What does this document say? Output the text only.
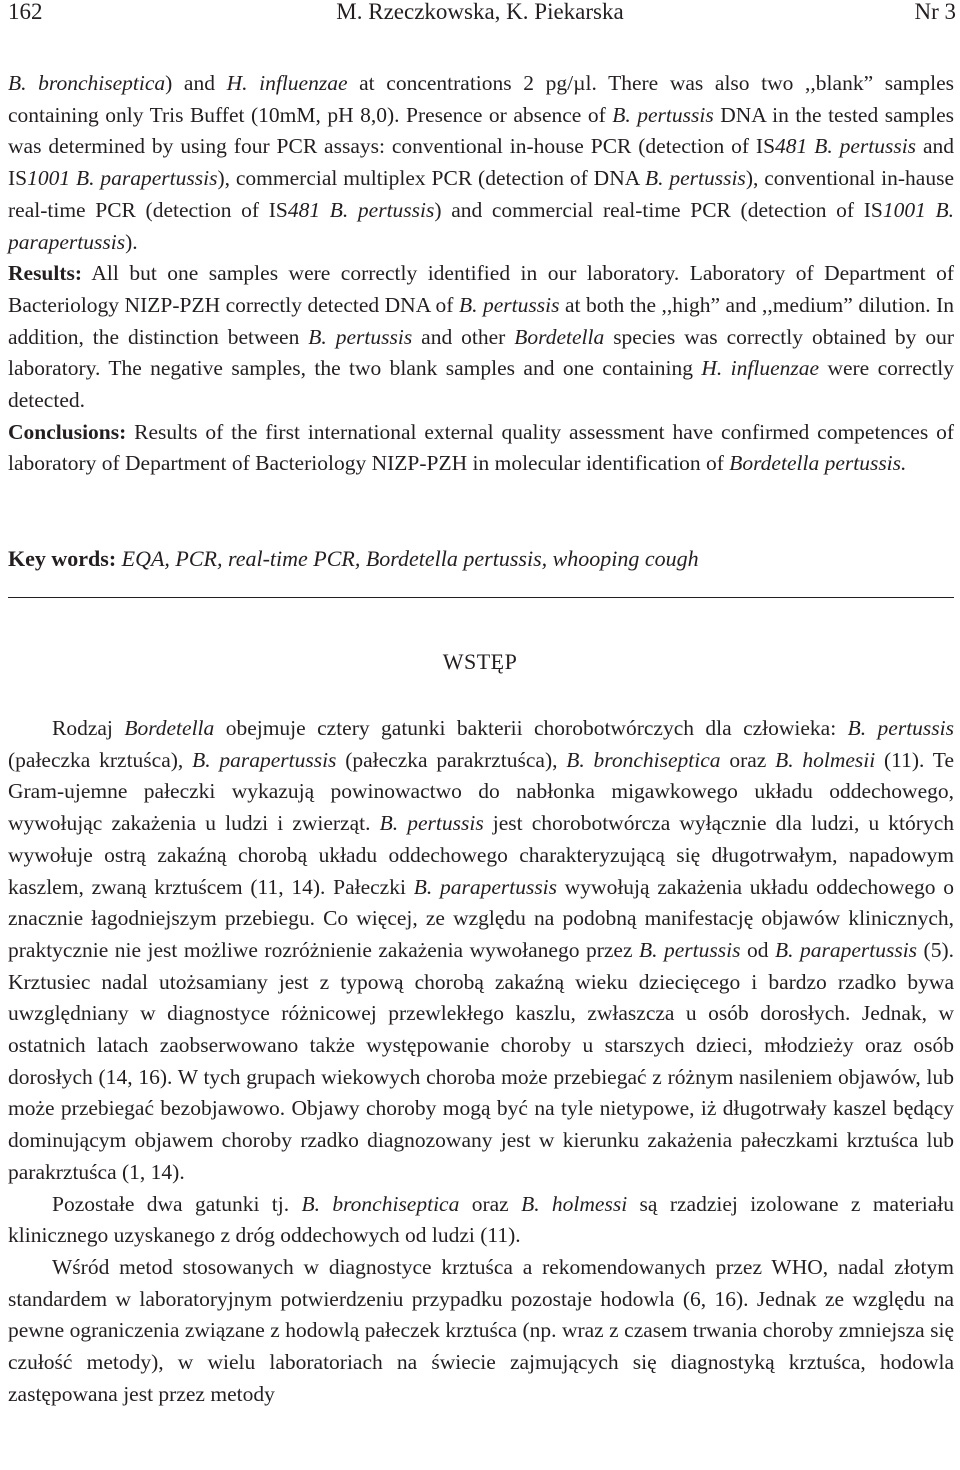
162	M. Rzeczkowska, K. Piekarska	Nr 3

B. bronchiseptica) and H. influenzae at concentrations 2 pg/µl. There was also two ,,blank” samples containing only Tris Buffet (10mM, pH 8,0). Presence or absence of B. pertussis DNA in the tested samples was determined by using four PCR assays: conventional in-house PCR (detection of IS481 B. pertussis and IS1001 B. parapertussis), commercial multiplex PCR (detection of DNA B. pertussis), conventional in-hause real-time PCR (detection of IS481 B. pertussis) and commercial real-time PCR (detection of IS1001 B. parapertussis).

Results: All but one samples were correctly identified in our laboratory. Laboratory of Department of Bacteriology NIZP-PZH correctly detected DNA of B. pertussis at both the ,,high” and ,,medium” dilution. In addition, the distinction between B. pertussis and other Bordetella species was correctly obtained by our laboratory. The negative samples, the two blank samples and one containing H. influenzae were correctly detected.

Conclusions: Results of the first international external quality assessment have confirmed competences of laboratory of Department of Bacteriology NIZP-PZH in molecular identification of Bordetella pertussis.

Key words: EQA, PCR, real-time PCR, Bordetella pertussis, whooping cough
WSTĘP

Rodzaj Bordetella obejmuje cztery gatunki bakterii chorobotwórczych dla człowieka: B. pertussis (pałeczka krztuśca), B. parapertussis (pałeczka parakrztuśca), B. bronchiseptica oraz B. holmesii (11). Te Gram-ujemne pałeczki wykazują powinowactwo do nabłonka migawkowego układu oddechowego, wywołując zakażenia u ludzi i zwierząt. B. pertussis jest chorobotwórcza wyłącznie dla ludzi, u których wywołuje ostrą zakaźną chorobą układu oddechowego charakteryzującą się długotrwałym, napadowym kaszlem, zwaną krztuścem (11, 14). Pałeczki B. parapertussis wywołują zakażenia układu oddechowego o znacznie łagodniejszym przebiegu. Co więcej, ze względu na podobną manifestację objawów klinicznych, praktycznie nie jest możliwe rozróżnienie zakażenia wywołanego przez B. pertussis od B. parapertussis (5). Krztusiec nadal utożsamiany jest z typową chorobą zakaźną wieku dziecięcego i bardzo rzadko bywa uwzględniany w diagnostyce różnicowej przewlekłego kaszlu, zwłaszcza u osób dorosłych. Jednak, w ostatnich latach zaobserwowano także występowanie choroby u starszych dzieci, młodzieży oraz osób dorosłych (14, 16). W tych grupach wiekowych choroba może przebiegać z różnym nasileniem objawów, lub może przebiegać bezobjawowo. Objawy choroby mogą być na tyle nietypowe, iż długotrwały kaszel będący dominującym objawem choroby rzadko diagnozowany jest w kierunku zakażenia pałeczkami krztuśca lub parakrztuśca (1, 14).

Pozostałe dwa gatunki tj. B. bronchiseptica oraz B. holmessi są rzadziej izolowane z materiału klinicznego uzyskanego z dróg oddechowych od ludzi (11).

Wśród metod stosowanych w diagnostyce krztuśca a rekomendowanych przez WHO, nadal złotym standardem w laboratoryjnym potwierdzeniu przypadku pozostaje hodowla (6, 16). Jednak ze względu na pewne ograniczenia związane z hodowlą pałeczek krztuśca (np. wraz z czasem trwania choroby zmniejsza się czułość metody), w wielu laboratoriach na świecie zajmujących się diagnostyką krztuśca, hodowla zastępowana jest przez metody
